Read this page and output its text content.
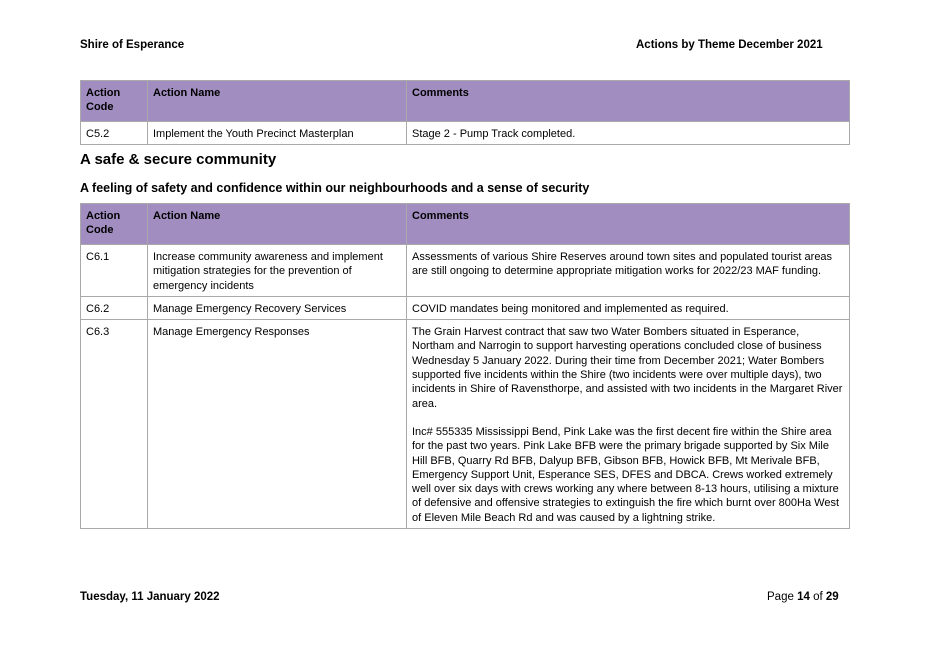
Shire of Esperance	Actions by Theme December 2021
Action Code	Action Name	Comments
C5.2	Implement the Youth Precinct Masterplan	Stage 2 - Pump Track completed.
A safe & secure community
A feeling of safety and confidence within our neighbourhoods and a sense of security
Action Code	Action Name	Comments
C6.1	Increase community awareness and implement mitigation strategies for the prevention of emergency incidents	Assessments of various Shire Reserves around town sites and populated tourist areas are still ongoing to determine appropriate mitigation works for 2022/23 MAF funding.
C6.2	Manage Emergency Recovery Services	COVID mandates being monitored and implemented as required.
C6.3	Manage Emergency Responses	The Grain Harvest contract that saw two Water Bombers situated in Esperance, Northam and Narrogin to support harvesting operations concluded close of business Wednesday 5 January 2022. During their time from December 2021; Water Bombers supported five incidents within the Shire (two incidents were over multiple days), two incidents in Shire of Ravensthorpe, and assisted with two incidents in the Margaret River area.
Inc# 555335 Mississippi Bend, Pink Lake was the first decent fire within the Shire area for the past two years. Pink Lake BFB were the primary brigade supported by Six Mile Hill BFB, Quarry Rd BFB, Dalyup BFB, Gibson BFB, Howick BFB, Mt Merivale BFB, Emergency Support Unit, Esperance SES, DFES and DBCA. Crews worked extremely well over six days with crews working any where between 8-13 hours, utilising a mixture of defensive and offensive strategies to extinguish the fire which burnt over 800Ha West of Eleven Mile Beach Rd and was caused by a lightning strike.
Tuesday, 11 January 2022	Page 14 of 29
